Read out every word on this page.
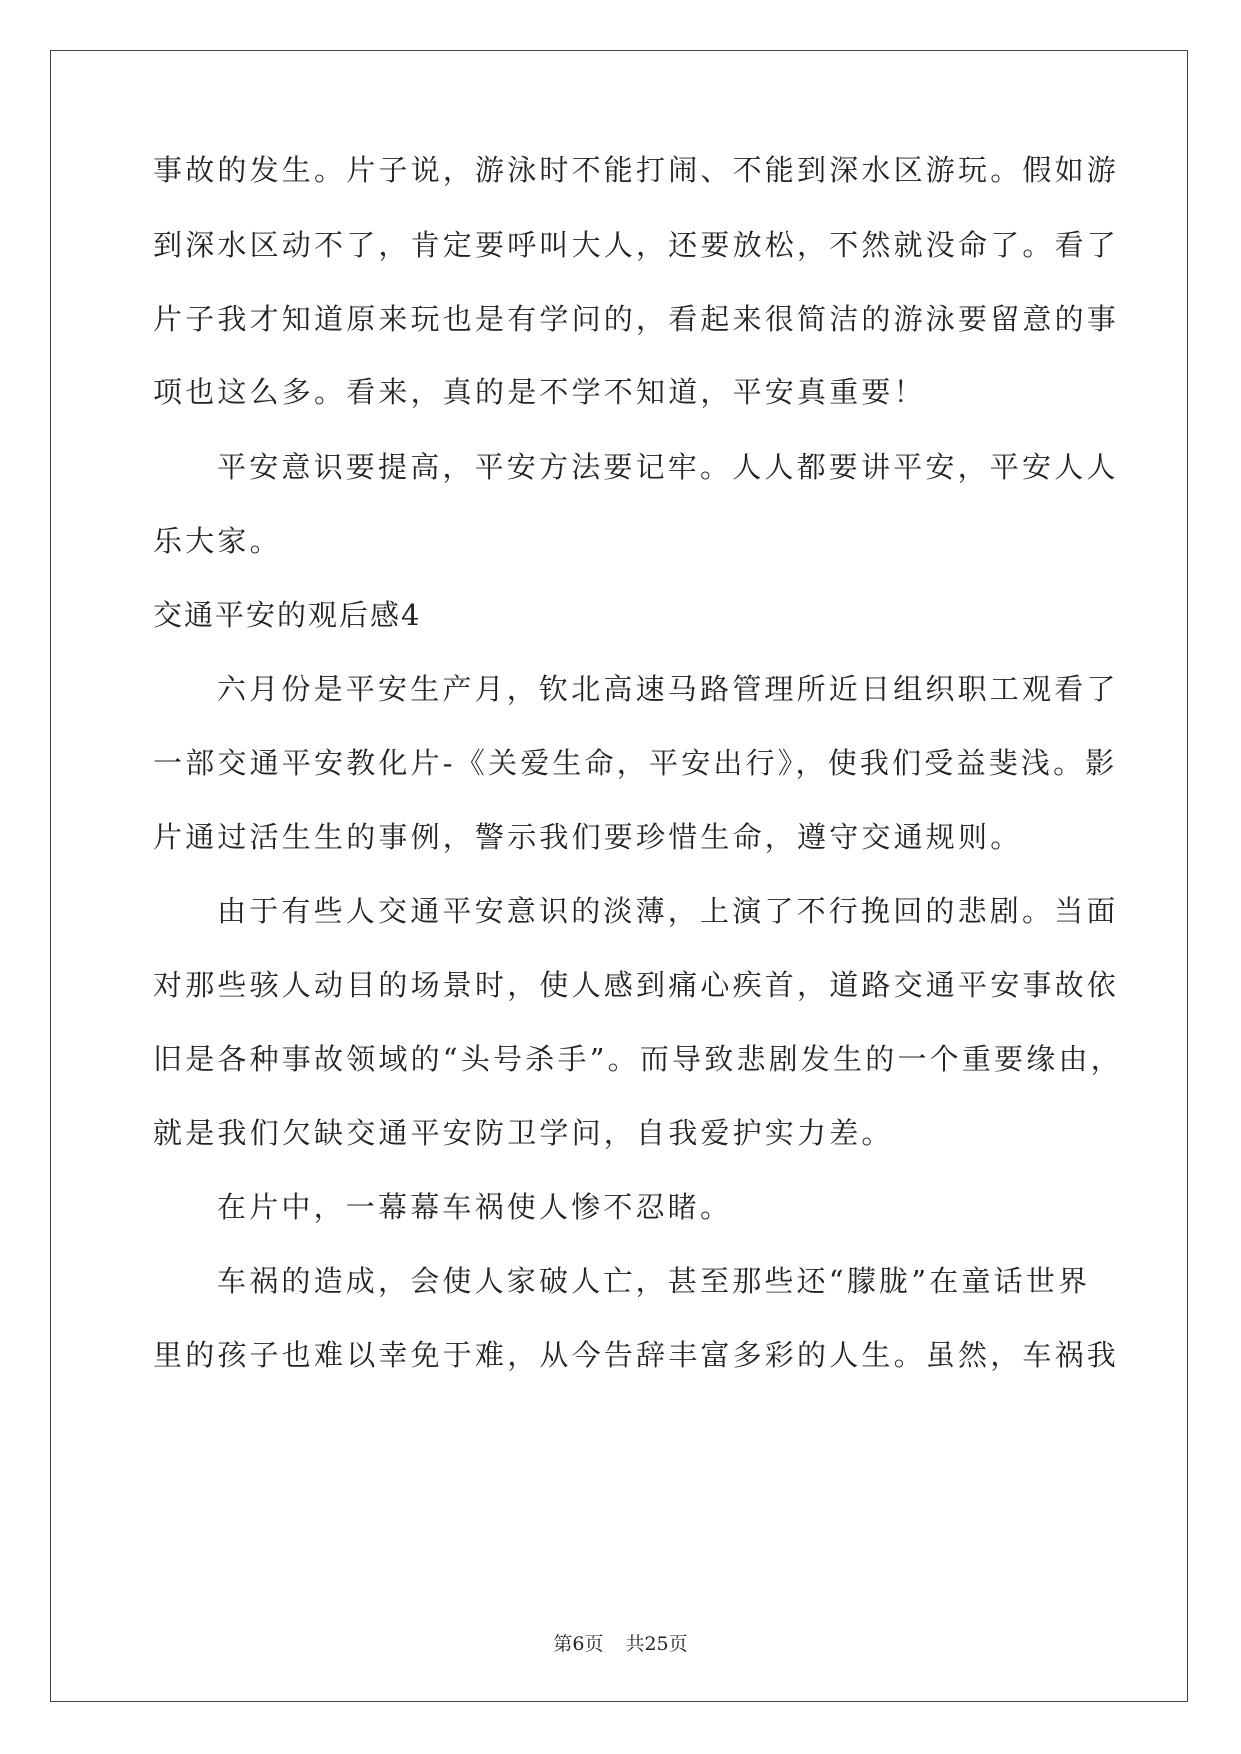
事故的发生。片子说，游泳时不能打闹、不能到深水区游玩。假如游
到深水区动不了，肯定要呼叫大人，还要放松，不然就没命了。看了
片子我才知道原来玩也是有学问的，看起来很简洁的游泳要留意的事
项也这么多。看来，真的是不学不知道，平安真重要！
平安意识要提高，平安方法要记牢。人人都要讲平安，平安人人
乐大家。
交通平安的观后感4
六月份是平安生产月，钦北高速马路管理所近日组织职工观看了
一部交通平安教化片-《关爱生命，平安出行》，使我们受益斐浅。影
片通过活生生的事例，警示我们要珍惜生命，遵守交通规则。
由于有些人交通平安意识的淡薄，上演了不行挽回的悲剧。当面
对那些骇人动目的场景时，使人感到痛心疾首，道路交通平安事故依
旧是各种事故领域的“头号杀手”。而导致悲剧发生的一个重要缘由，
就是我们欠缺交通平安防卫学问，自我爱护实力差。
在片中，一幕幕车祸使人惨不忍睹。
车祸的造成，会使人家破人亡，甚至那些还“朦胧”在童话世界
里的孩子也难以幸免于难，从今告辞丰富多彩的人生。虽然，车祸我
第6页 共25页
